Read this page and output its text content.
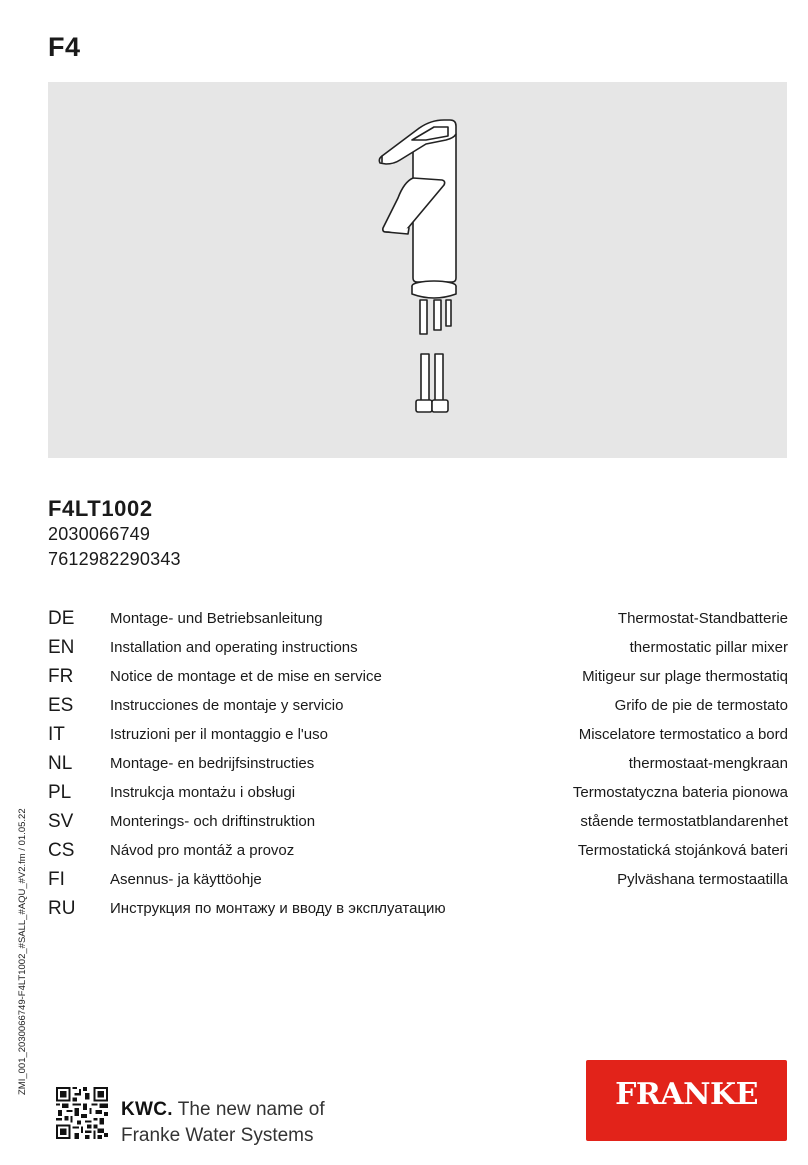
F4
F4LT1002
2030066749
7612982290343
DE Montage- und Betriebsanleitung	Thermostat-Standbatterie
EN Installation and operating instructions	thermostatic pillar mixer
FR Notice de montage et de mise en service	Mitigeur sur plage thermostatiq
ES Instrucciones de montaje y servicio	Grifo de pie de termostato
IT	Istruzioni per il montaggio e l'uso	Miscelatore termostatico a bord
NL	Montage- en bedrijfsinstructies	thermostaat-mengkraan
PL	Instrukcja montażu i obsługi	Termostatyczna bateria pionowa
SV Monterings- och driftinstruktion	stående termostatblandarenhet
CS Návod pro montáž a provoz	Termostatická stojánková bateri
FI	Asennus- ja käyttöohje	Pylväshana termostaatilla
RU Инструкция по монтажу и вводу в эксплуатацию
ZMI_001_2030066749-F4LT1002_#SALL_#AQU_#V2.fm / 01.05.22
KWC. The new name of
Franke Water Systems
FRANKE
